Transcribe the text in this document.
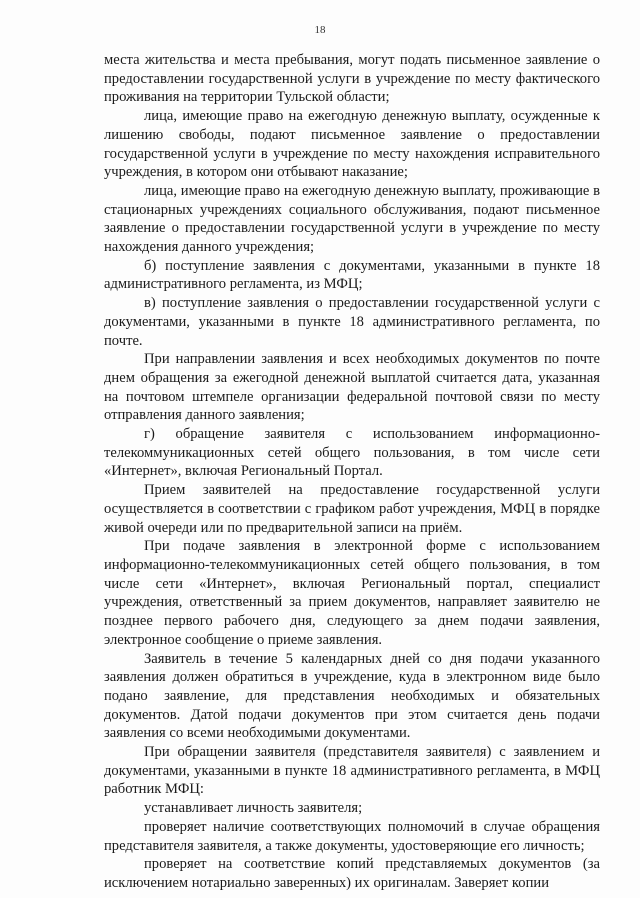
18

места жительства и места пребывания, могут подать письменное заявление о предоставлении государственной услуги в учреждение по месту фактического проживания на территории Тульской области;

лица, имеющие право на ежегодную денежную выплату, осужденные к лишению свободы, подают письменное заявление о предоставлении государственной услуги в учреждение по месту нахождения исправительного учреждения, в котором они отбывают наказание;

лица, имеющие право на ежегодную денежную выплату, проживающие в стационарных учреждениях социального обслуживания, подают письменное заявление о предоставлении государственной услуги в учреждение по месту нахождения данного учреждения;

б) поступление заявления с документами, указанными в пункте 18 административного регламента, из МФЦ;

в) поступление заявления о предоставлении государственной услуги с документами, указанными в пункте 18 административного регламента, по почте.

При направлении заявления и всех необходимых документов по почте днем обращения за ежегодной денежной выплатой считается дата, указанная на почтовом штемпеле организации федеральной почтовой связи по месту отправления данного заявления;

г) обращение заявителя с использованием информационно-телекоммуникационных сетей общего пользования, в том числе сети «Интернет», включая Региональный Портал.

Прием заявителей на предоставление государственной услуги осуществляется в соответствии с графиком работ учреждения, МФЦ в порядке живой очереди или по предварительной записи на приём.

При подаче заявления в электронной форме с использованием информационно-телекоммуникационных сетей общего пользования, в том числе сети «Интернет», включая Региональный портал, специалист учреждения, ответственный за прием документов, направляет заявителю не позднее первого рабочего дня, следующего за днем подачи заявления, электронное сообщение о приеме заявления.

Заявитель в течение 5 календарных дней со дня подачи указанного заявления должен обратиться в учреждение, куда в электронном виде было подано заявление, для представления необходимых и обязательных документов. Датой подачи документов при этом считается день подачи заявления со всеми необходимыми документами.

При обращении заявителя (представителя заявителя) с заявлением и документами, указанными в пункте 18 административного регламента, в МФЦ работник МФЦ:

устанавливает личность заявителя;

проверяет наличие соответствующих полномочий в случае обращения представителя заявителя, а также документы, удостоверяющие его личность;

проверяет на соответствие копий представляемых документов (за исключением нотариально заверенных) их оригиналам. Заверяет копии
